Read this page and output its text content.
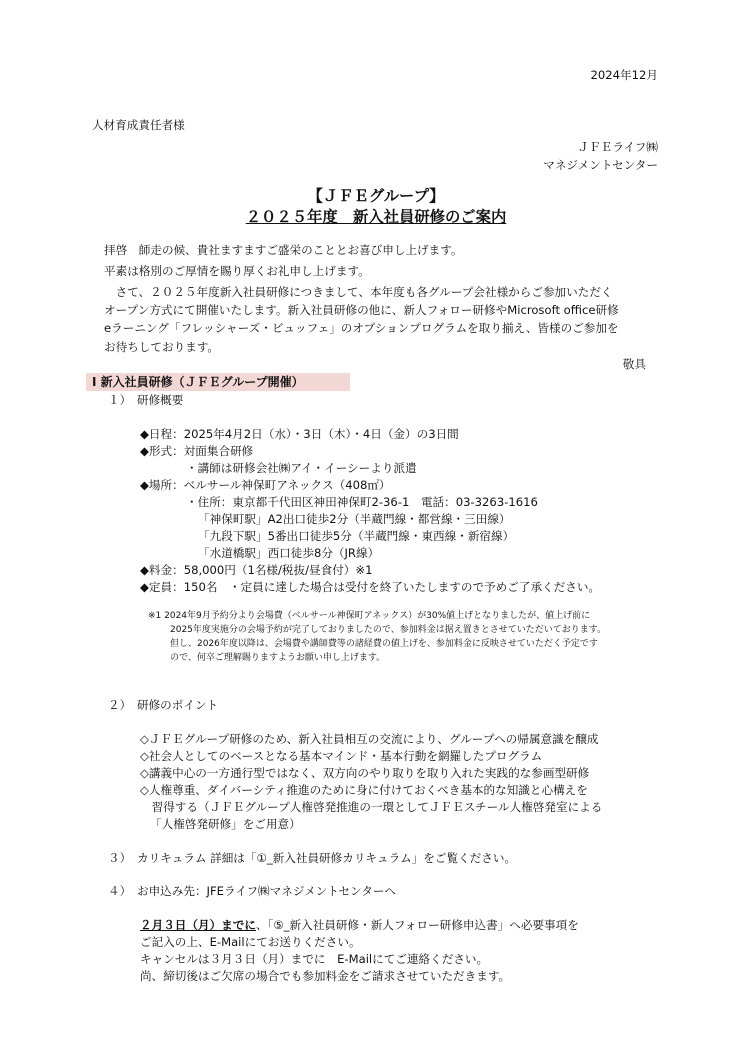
2024年12月
人材育成責任者様
ＪＦＥライフ㈱
マネジメントセンター
【ＪＦＥグループ】
２０２５年度　新入社員研修のご案内
拝啓　師走の候、貴社ますますご盛栄のこととお喜び申し上げます。
平素は格別のご厚情を賜り厚くお礼申し上げます。
　さて、２０２５年度新入社員研修につきまして、本年度も各グループ会社様からご参加いただく
オープン方式にて開催いたします。新入社員研修の他に、新人フォロー研修やMicrosoft office研修
eラーニング「フレッシャーズ・ビュッフェ」のオプションプログラムを取り揃え、皆様のご参加を
お待ちしております。
敬具
Ⅰ 新入社員研修（ＪＦＥグループ開催）
１）　研修概要
◆日程：2025年4月2日（水）・3日（木）・4日（金）の3日間
◆形式：対面集合研修
・講師は研修会社㈱アイ・イーシーより派遣
◆場所：ベルサール神保町アネックス（408㎡）
・住所：東京都千代田区神田神保町2-36-1　電話：03-3263-1616
「神保町駅」A2出口徒歩2分（半蔵門線・都営線・三田線）
「九段下駅」5番出口徒歩5分（半蔵門線・東西線・新宿線）
「水道橋駅」西口徒歩8分（JR線）
◆料金：58,000円（1名様/税抜/昼食付）※1
◆定員：150名　・定員に達した場合は受付を終了いたしますので予めご了承ください。
※1 2024年9月予約分より会場費（ベルサール神保町アネックス）が30%値上げとなりましたが、値上げ前に
2025年度実施分の会場予約が完了しておりましたので、参加料金は据え置きとさせていただいております。
但し、2026年度以降は、会場費や講師費等の諸経費の値上げを、参加料金に反映させていただく予定です
ので、何卒ご理解賜りますようお願い申し上げます。
２）　研修のポイント
◇ＪＦＥグループ研修のため、新入社員相互の交流により、グループへの帰属意識を醸成
◇社会人としてのベースとなる基本マインド・基本行動を網羅したプログラム
◇講義中心の一方通行型ではなく、双方向のやり取りを取り入れた実践的な参画型研修
◇人権尊重、ダイバーシティ推進のために身に付けておくべき基本的な知識と心構えを
　習得する（ＪＦＥグループ人権啓発推進の一環としてＪＦＥスチール人権啓発室による
「人権啓発研修」をご用意）
３）　カリキュラム 詳細は「①_新入社員研修カリキュラム」をご覧ください。
４）　お申込み先：JFEライフ㈱マネジメントセンターへ
２月３日（月）までに、「⑤_新入社員研修・新人フォロー研修申込書」へ必要事項を
ご記入の上、E-Mailにてお送りください。
キャンセルは３月３日（月）までに　E-Mailにてご連絡ください。
尚、締切後はご欠席の場合でも参加料金をご請求させていただきます。
